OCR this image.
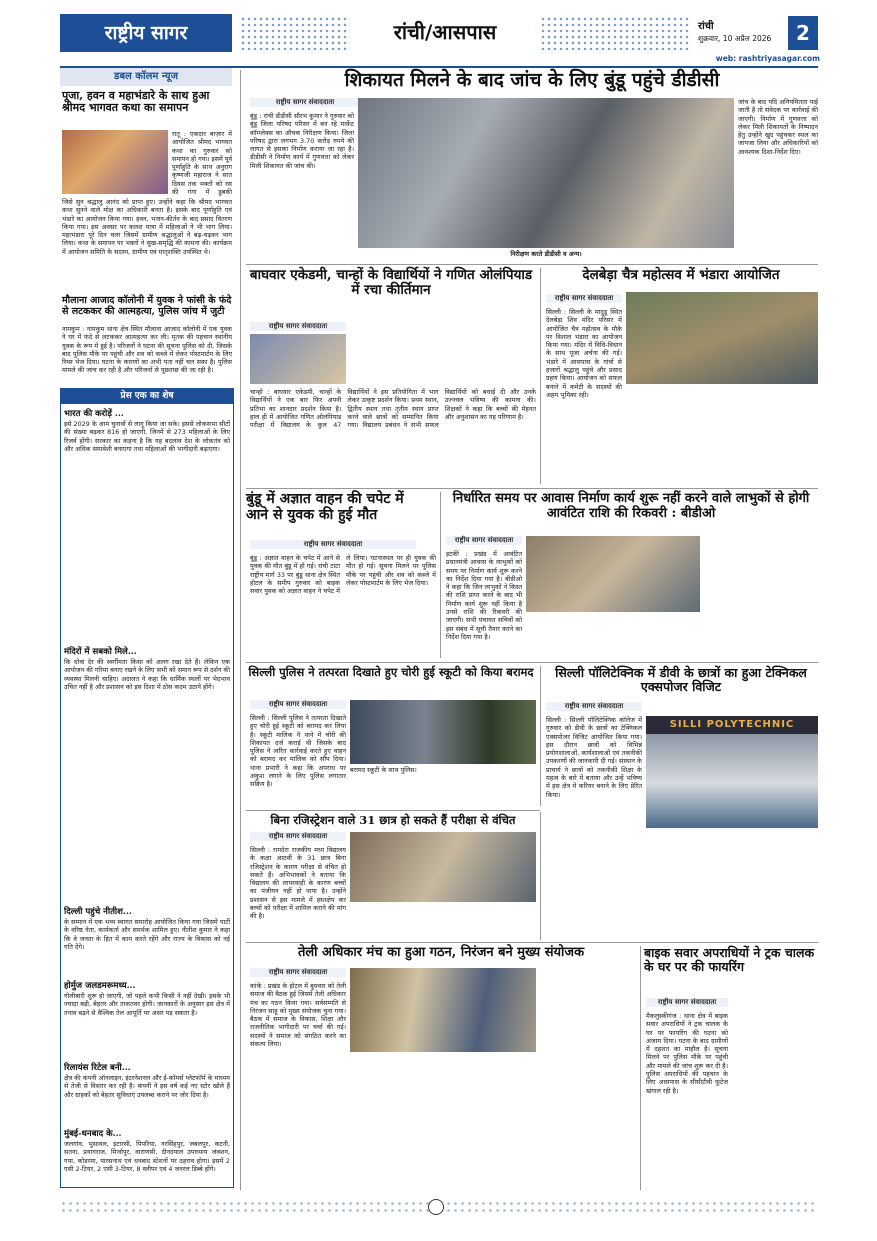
राष्ट्रीय सागर	रांची/आसपास	रांची
शुक्रवार, 10 अप्रैल 2026	2
web: rashtriyasagar.com
डबल कॉलम न्यूज
पूजा, हवन व महाभंडारे के साथ हुआ श्रीमद भागवत कथा का समापन
रातू : एकदार बाज़ार में आयोजित श्रीमद भागवत कथा का गुरुवार को समापन हो गया। इसमें पूर्व पूर्णाहुति के साथ अनुराग कृष्णजी महाराज ने सात दिवस तक भक्तों को रस की गंगा में डुबकी
जिसे सुन श्रद्धालु आनंद को प्राप्त हुए। उन्होंने कहा कि श्रीमद भागवत कथा सुनने वाले मोक्ष का अधिकारी बनता है। इसके बाद पूर्णाहुति एवं भंडारे का आयोजन किया गया। हवन, भजन-कीर्तन के बाद प्रसाद वितरण किया गया। इस अवसर पर कलश यात्रा में महिलाओं ने भी भाग लिया। महाभंडारा पूरे दिन चला जिसमें ग्रामीण श्रद्धालुओं ने बढ़-चढ़कर भाग लिया। कथा के समापन पर भक्तों ने सुख-समृद्धि की कामना की। कार्यक्रम में आयोजन समिति के सदस्य, ग्रामीण एवं मातृशक्ति उपस्थित थे।
मौलाना आजाद कॉलोनी में युवक ने फांसी के फंदे से लटककर की आत्महत्या, पुलिस जांच में जुटी
नामकुम : नामकुम थाना क्षेत्र स्थित मौलाना आजाद कॉलोनी में एक युवक ने घर में फंदे से लटककर आत्महत्या कर ली। मृतक की पहचान स्थानीय युवक के रूप में हुई है। परिजनों ने घटना की सूचना पुलिस को दी, जिसके बाद पुलिस मौके पर पहुंची और शव को कब्जे में लेकर पोस्टमार्टम के लिए रिम्स भेज दिया। घटना के कारणों का अभी पता नहीं चल सका है। पुलिस मामले की जांच कर रही है और परिजनों से पूछताछ की जा रही है।
प्रेस एक का शेष
भारत की करोड़ें ...
इसे 2029 के आम चुनावों से लागू किया जा सके। इससे लोकसभा सीटों की संख्या बढ़कर 816 हो जाएगी, जिनमें से 273 महिलाओं के लिए रिजर्व होंगी। सरकार का कहना है कि यह बदलाव देश के लोकतंत्र को और अधिक समावेशी बनाएगा तथा महिलाओं की भागीदारी बढ़ाएगा।
मंदिरों में सबको मिले...
कि धोवा देर की स्वर्गीमता किसा को अलग रखा देते हैं। लेकिन एक आयोजन की गरिमा बनाए रखने के लिए सभी को समान रूप से दर्शन की व्यवस्था मिलनी चाहिए। अदालत ने कहा कि धार्मिक स्थलों पर भेदभाव उचित नहीं है और प्रशासन को इस दिशा में ठोस कदम उठाने होंगे।
दिल्ली पहुंचे नीतीश...
के सम्मान में एक भव्य स्वागत समारोह आयोजित किया गया जिसमें पार्टी के वरिष्ठ नेता, कार्यकर्ता और समर्थक शामिल हुए। नीतीश कुमार ने कहा कि वे जनता के हित में काम करते रहेंगे और राज्य के विकास को नई गति देंगे।
होर्मुज जलडमरूमध्य...
गोलीबारी शुरू हो जाएगी, जो पहले कभी किसी ने नहीं देखी। इसके भी ज्यादा बड़ी, बेहतर और ताकतवर होगी। जानकारों के अनुसार इस क्षेत्र में तनाव बढ़ने से वैश्विक तेल आपूर्ति पर असर पड़ सकता है।
रिलायंस रिटेल बनी...
क्षेत्र की कंपनी ऑनलाइन, इंटरनेशनल और ई-कॉमर्स प्लेटफॉर्म के माध्यम से तेजी से विस्तार कर रही है। कंपनी ने इस वर्ष कई नए स्टोर खोले हैं और ग्राहकों को बेहतर सुविधाएं उपलब्ध कराने पर जोर दिया है।
मुंबई-धनबाद के...
जलगांव, भुसावल, इटारसी, पिपरिया, नरसिंहपुर, जबलपुर, कटनी, सतना, प्रयागराज, मिर्जापुर, वाराणसी, दीनदयाल उपाध्याय जंक्शन, गया, कोडरमा, पारसनाथ एवं धनबाद स्टेशनों पर ठहराव होगा। इसमें 2 एसी 2-टियर, 2 एसी 3-टियर, 8 स्लीपर एवं 4 जनरल डिब्बे होंगे।
शिकायत मिलने के बाद जांच के लिए बुंडू पहुंचे डीडीसी
राष्ट्रीय सागर संवाददाता
बुंडू : रांची डीडीसी सौरभ कुमार ने गुरुवार को बुंडू जिला परिषद परिसर में बन रहे मार्केट कॉम्प्लेक्स का औचक निरीक्षण किया। जिला परिषद द्वारा लगभग 3.70 करोड़ रुपये की लागत से इसका निर्माण कराया जा रहा है। डीडीसी ने निर्माण कार्य में गुणवत्ता को लेकर मिली शिकायत की जांच की।
निरीक्षण करते डीडीसी व अन्य।
जांच के बाद यदि अनियमितता पाई जाती है तो संवेदक पर कार्रवाई की जाएगी। निर्माण में गुणवत्ता को लेकर मिली शिकायतों के निष्पादन हेतु उन्होंने खुद पहुंचकर स्थल का जायजा लिया और अधिकारियों को आवश्यक दिशा-निर्देश दिए।
बाघवार एकेडमी, चान्हों के विद्यार्थियों ने गणित ओलंपियाड में रचा कीर्तिमान
राष्ट्रीय सागर संवाददाता
चान्हो : बाघवार एकेडमी, चान्हों के विद्यार्थियों ने एक बार फिर अपनी प्रतिभा का शानदार प्रदर्शन किया है। हाल ही में आयोजित गणित ओलंपियाड परीक्षा में विद्यालय के कुल 47 विद्यार्थियों ने इस प्रतियोगिता में भाग लेकर उत्कृष्ट प्रदर्शन किया। प्रथम स्थान, द्वितीय स्थान तथा तृतीय स्थान प्राप्त करने वाले छात्रों को सम्मानित किया गया। विद्यालय प्रबंधन ने सभी सफल विद्यार्थियों को बधाई दी और उनके उज्ज्वल भविष्य की कामना की। शिक्षकों ने कहा कि बच्चों की मेहनत और अनुशासन का यह परिणाम है।
देलबेड़ा चैत्र महोत्सव में भंडारा आयोजित
राष्ट्रीय सागर संवाददाता
सिल्ली : सिल्ली के मादुडू स्थित देलबेड़ा शिव मंदिर परिसर में आयोजित चैत्र महोत्सव के मौके पर विशाल भंडारा का आयोजन किया गया। मंदिर में विधि-विधान के साथ पूजा अर्चना की गई। भंडारे में आसपास के गांवों से हजारों श्रद्धालु पहुंचे और प्रसाद ग्रहण किया। आयोजन को सफल बनाने में कमेटी के सदस्यों की अहम भूमिका रही।
बुंडू में अज्ञात वाहन की चपेट में आने से युवक की हुई मौत
राष्ट्रीय सागर संवाददाता
बुंडू : अज्ञात वाहन के चपेट में आने से युवक की मौत बुंडू में हो गई। रांची टाटा राष्ट्रीय मार्ग 33 पर बुंडू थाना क्षेत्र स्थित होटल के समीप गुरुवार को बाइक सवार युवक को अज्ञात वाहन ने चपेट में ले लिया। घटनास्थल पर ही युवक की मौत हो गई। सूचना मिलने पर पुलिस मौके पर पहुंची और शव को कब्जे में लेकर पोस्टमार्टम के लिए भेज दिया।
निर्धारित समय पर आवास निर्माण कार्य शुरू नहीं करने वाले लाभुकों से होगी आवंटित राशि की रिकवरी : बीडीओ
राष्ट्रीय सागर संवाददाता
इटकी : प्रखंड में आवंटित प्रधानमंत्री आवास के लाभुकों को समय पर निर्माण कार्य शुरू करने का निर्देश दिया गया है। बीडीओ ने कहा कि जिन लाभुकों ने किस्त की राशि प्राप्त करने के बाद भी निर्माण कार्य शुरू नहीं किया है उनसे राशि की रिकवरी की जाएगी। सभी पंचायत सचिवों को इस संबंध में सूची तैयार करने का निर्देश दिया गया है।
सिल्ली पुलिस ने तत्परता दिखाते हुए चोरी हुई स्कूटी को किया बरामद
राष्ट्रीय सागर संवाददाता
सिल्ली : सिल्ली पुलिस ने तत्परता दिखाते हुए चोरी हुई स्कूटी को बरामद कर लिया है। स्कूटी मालिक ने थाने में चोरी की शिकायत दर्ज कराई थी जिसके बाद पुलिस ने त्वरित कार्रवाई करते हुए वाहन को बरामद कर मालिक को सौंप दिया। थाना प्रभारी ने कहा कि अपराध पर अंकुश लगाने के लिए पुलिस लगातार सक्रिय है।
बरामद स्कूटी के साथ पुलिस।
सिल्ली पॉलिटेक्निक में डीवी के छात्रों का हुआ टेक्निकल एक्सपोजर विजिट
राष्ट्रीय सागर संवाददाता
सिल्ली : सिल्ली पॉलिटेक्निक कॉलेज में गुरुवार को डीवी के छात्रों का टेक्निकल एक्सपोजर विजिट आयोजित किया गया। इस दौरान छात्रों को विभिन्न प्रयोगशालाओं, कार्यशालाओं एवं तकनीकी उपकरणों की जानकारी दी गई। संस्थान के प्राचार्य ने छात्रों को तकनीकी शिक्षा के महत्व के बारे में बताया और उन्हें भविष्य में इस क्षेत्र में करियर बनाने के लिए प्रेरित किया।
SILLI POLYTECHNIC
बिना रजिस्ट्रेशन वाले 31 छात्र हो सकते हैं परीक्षा से वंचित
राष्ट्रीय सागर संवाददाता
सिल्ली : रामदेरा राजकीय मध्य विद्यालय के कक्षा आठवीं के 31 छात्र बिना रजिस्ट्रेशन के कारण परीक्षा से वंचित हो सकते हैं। अभिभावकों ने बताया कि विद्यालय की लापरवाही के कारण बच्चों का पंजीयन नहीं हो पाया है। उन्होंने प्रशासन से इस मामले में हस्तक्षेप कर बच्चों को परीक्षा में शामिल कराने की मांग की है।
तेली अधिकार मंच का हुआ गठन, निरंजन बने मुख्य संयोजक
राष्ट्रीय सागर संवाददाता
कांके : प्रखंड के होटल में बुधवार को तेली समाज की बैठक हुई जिसमें तेली अधिकार मंच का गठन किया गया। सर्वसम्मति से निरंजन साहू को मुख्य संयोजक चुना गया। बैठक में समाज के विकास, शिक्षा और राजनीतिक भागीदारी पर चर्चा की गई। सदस्यों ने समाज को संगठित करने का संकल्प लिया।
बाइक सवार अपराधियों ने ट्रक चालक के घर पर की फायरिंग
राष्ट्रीय सागर संवाददाता
मैकलुस्कीगंज : थाना क्षेत्र में बाइक सवार अपराधियों ने ट्रक चालक के घर पर फायरिंग की घटना को अंजाम दिया। घटना के बाद ग्रामीणों में दहशत का माहौल है। सूचना मिलने पर पुलिस मौके पर पहुंची और मामले की जांच शुरू कर दी है। पुलिस अपराधियों की पहचान के लिए आसपास के सीसीटीवी फुटेज खंगाल रही है।
